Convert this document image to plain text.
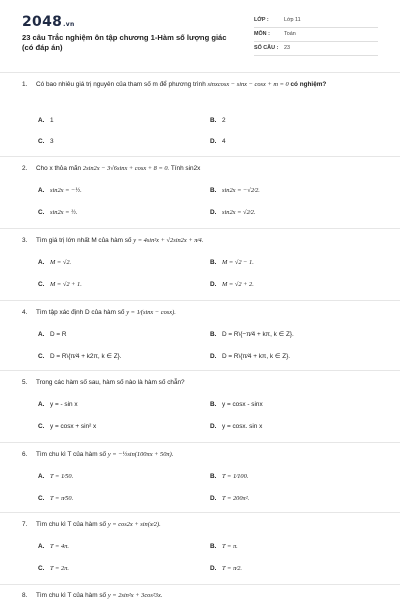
2048.vn
23 câu Trắc nghiệm ôn tập chương 1-Hàm số lượng giác (có đáp án)
LỚP :	Lớp 11
MÔN :	Toán
SỐ CÂU : 23
1. Có bao nhiêu giá trị nguyên của tham số m để phương trình sinxcosx − sinx − cosx + m = 0 có nghiệm?
A. 1	B. 2
C. 3	D. 4
2. Cho x thỏa mãn 2sin2x − 3√6sinx + cosx + 8 = 0. Tính sin2x
A. sin2x = −½.	B. sin2x = −√2⁄2.
C. sin2x = ½.	D. sin2x = √2⁄2.
3. Tìm giá trị lớn nhất M của hàm số y = 4sin²x + √2sin2x + π⁄4.
A. M = √2.	B. M = √2 − 1.
C. M = √2 + 1.	D. M = √2 + 2.
4. Tìm tập xác định D của hàm số y = 1⁄(sinx − cosx).
A. D = R	B. D = R\{−π⁄4 + kπ, k ∈ Z}.
C. D = R\{π⁄4 + k2π, k ∈ Z}.	D. D = R\{π⁄4 + kπ, k ∈ Z}.
5. Trong các hàm số sau, hàm số nào là hàm số chẵn?
A. y = - sin x	B. y = cosx - sinx
C. y = cosx + sin² x	D. y = cosx. sin x
6. Tìm chu kì T của hàm số y = −½sin(100πx + 50π).
A. T = 1⁄50.	B. T = 1⁄100.
C. T = π⁄50.	D. T = 200π².
7. Tìm chu kì T của hàm số y = cos2x + sin(x⁄2).
A. T = 4π.	B. T = π.
C. T = 2π.	D. T = π⁄2.
8. Tìm chu kì T của hàm số y = 2sin²x + 3cos²3x.
